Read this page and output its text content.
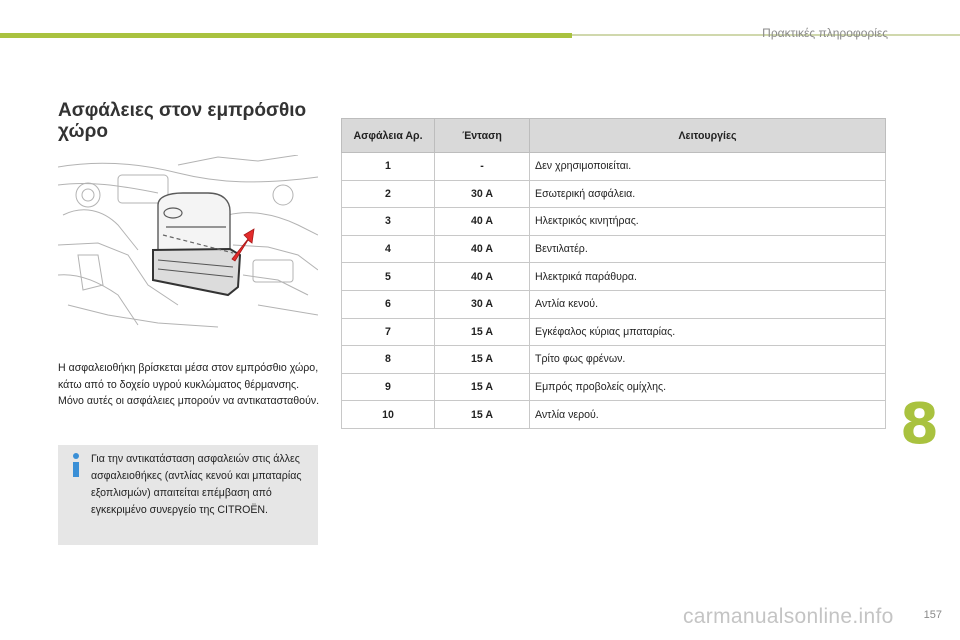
Πρακτικές πληροφορίες
Ασφάλειες στον εμπρόσθιο χώρο
Η ασφαλειοθήκη βρίσκεται μέσα στον εμπρόσθιο χώρο, κάτω από το δοχείο υγρού κυκλώματος θέρμανσης. Μόνο αυτές οι ασφάλειες μπορούν να αντικατασταθούν.
Για την αντικατάσταση ασφαλειών στις άλλες ασφαλειοθήκες (αντλίας κενού και μπαταρίας εξοπλισμών) απαιτείται επέμβαση από εγκεκριμένο συνεργείο της CITROËN.
Ασφάλεια Αρ.	Ένταση	Λειτουργίες
1	-	Δεν χρησιμοποιείται.
2	30 A	Εσωτερική ασφάλεια.
3	40 A	Ηλεκτρικός κινητήρας.
4	40 A	Βεντιλατέρ.
5	40 A	Ηλεκτρικά παράθυρα.
6	30 A	Αντλία κενού.
7	15 A	Εγκέφαλος κύριας μπαταρίας.
8	15 A	Τρίτο φως φρένων.
9	15 A	Εμπρός προβολείς ομίχλης.
10	15 A	Αντλία νερού.	8
157
carmanualsonline.info
